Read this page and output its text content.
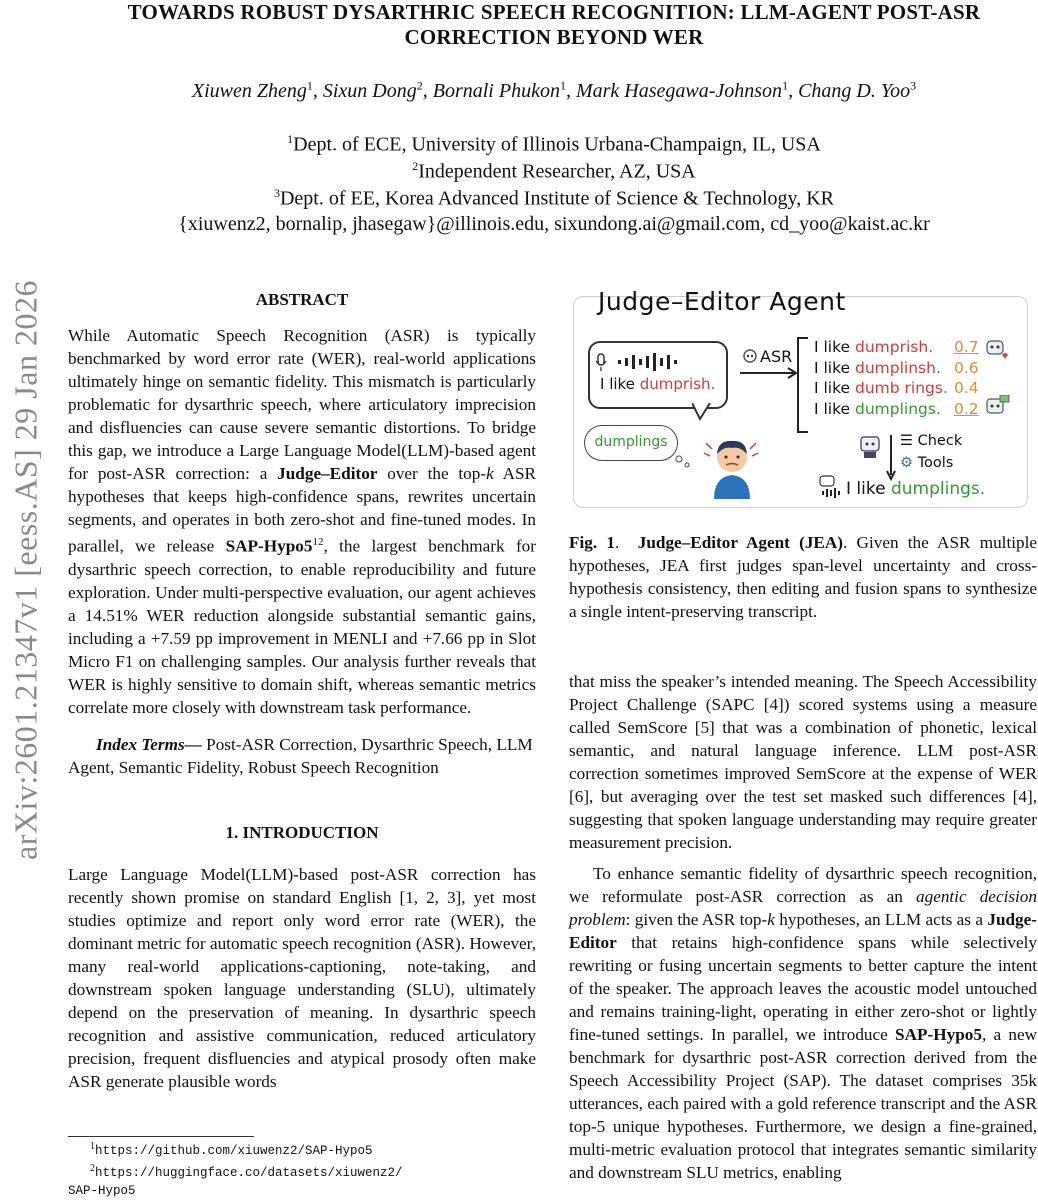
arXiv:2601.21347v1 [eess.AS] 29 Jan 2026
TOWARDS ROBUST DYSARTHRIC SPEECH RECOGNITION: LLM-AGENT POST-ASR
CORRECTION BEYOND WER
Xiuwen Zheng$^1$, Sixun Dong$^2$, Bornali Phukon$^1$, Mark Hasegawa-Johnson$^1$, Chang D. Yoo$^3$
$^1$Dept. of ECE, University of Illinois Urbana-Champaign, IL, USA
$^2$Independent Researcher, AZ, USA
$^3$Dept. of EE, Korea Advanced Institute of Science & Technology, KR
{xiuwenz2, bornalip, jhasegaw}@illinois.edu, sixundong.ai@gmail.com, cd_yoo@kaist.ac.kr
ABSTRACT

While Automatic Speech Recognition (ASR) is typically benchmarked by word error rate (WER), real-world applications ultimately hinge on semantic fidelity. This mismatch is particularly problematic for dysarthric speech, where articulatory imprecision and disfluencies can cause severe semantic distortions. To bridge this gap, we introduce a Large Language Model(LLM)-based agent for post-ASR correction: a Judge–Editor over the top-k ASR hypotheses that keeps high-confidence spans, rewrites uncertain segments, and operates in both zero-shot and fine-tuned modes. In parallel, we release SAP-$Hypo5^{12}$, the largest benchmark for dysarthric speech correction, to enable reproducibility and future exploration. Under multi-perspective evaluation, our agent achieves a 14.51% WER reduction alongside substantial semantic gains, including a +7.59 pp improvement in MENLI and +7.66 pp in Slot Micro F1 on challenging samples. Our analysis further reveals that WER is highly sensitive to domain shift, whereas semantic metrics correlate more closely with downstream task performance.

Index Terms— Post-ASR Correction, Dysarthric Speech, LLM Agent, Semantic Fidelity, Robust Speech Recognition

1. INTRODUCTION

Large Language Model(LLM)-based post-ASR correction has recently shown promise on standard English [1, 2, 3], yet most studies optimize and report only word error rate (WER), the dominant metric for automatic speech recognition (ASR). However, many real-world applications-captioning, note-taking, and downstream spoken language understanding (SLU), ultimately depend on the preservation of meaning. In dysarthric speech recognition and assistive communication, reduced articulatory precision, frequent disfluencies and atypical prosody often make ASR generate plausible words

$^1$https://github.com/xiuwenz2/SAP-Hypo5
$^2$https://huggingface.co/datasets/xiuwenz2/
SAP-Hypo5
Judge–Editor Agent
I like dumprish.
dumplings
ASR I like dumprish.
I like dumplinsh.
I like dumb rings.
I like dumplings.
0.7
0.6
0.4
0.2
☰ Check
⚙ Tools
I like dumplings.
Fig. 1.  Judge–Editor Agent (JEA). Given the ASR multiple hypotheses, JEA first judges span-level uncertainty and cross-hypothesis consistency, then editing and fusion spans to synthesize a single intent-preserving transcript.

that miss the speaker’s intended meaning. The Speech Accessibility Project Challenge (SAPC [4]) scored systems using a measure called SemScore [5] that was a combination of phonetic, lexical semantic, and natural language inference. LLM post-ASR correction sometimes improved SemScore at the expense of WER [6], but averaging over the test set masked such differences [4], suggesting that spoken language understanding may require greater measurement precision.

To enhance semantic fidelity of dysarthric speech recognition, we reformulate post-ASR correction as an agentic decision problem: given the ASR top-k hypotheses, an LLM acts as a Judge-Editor that retains high-confidence spans while selectively rewriting or fusing uncertain segments to better capture the intent of the speaker. The approach leaves the acoustic model untouched and remains training-light, operating in either zero-shot or lightly fine-tuned settings. In parallel, we introduce SAP-Hypo5, a new benchmark for dysarthric post-ASR correction derived from the Speech Accessibility Project (SAP). The dataset comprises 35k utterances, each paired with a gold reference transcript and the ASR top-5 unique hypotheses. Furthermore, we design a fine-grained, multi-metric evaluation protocol that integrates semantic similarity and downstream SLU metrics, enabling
